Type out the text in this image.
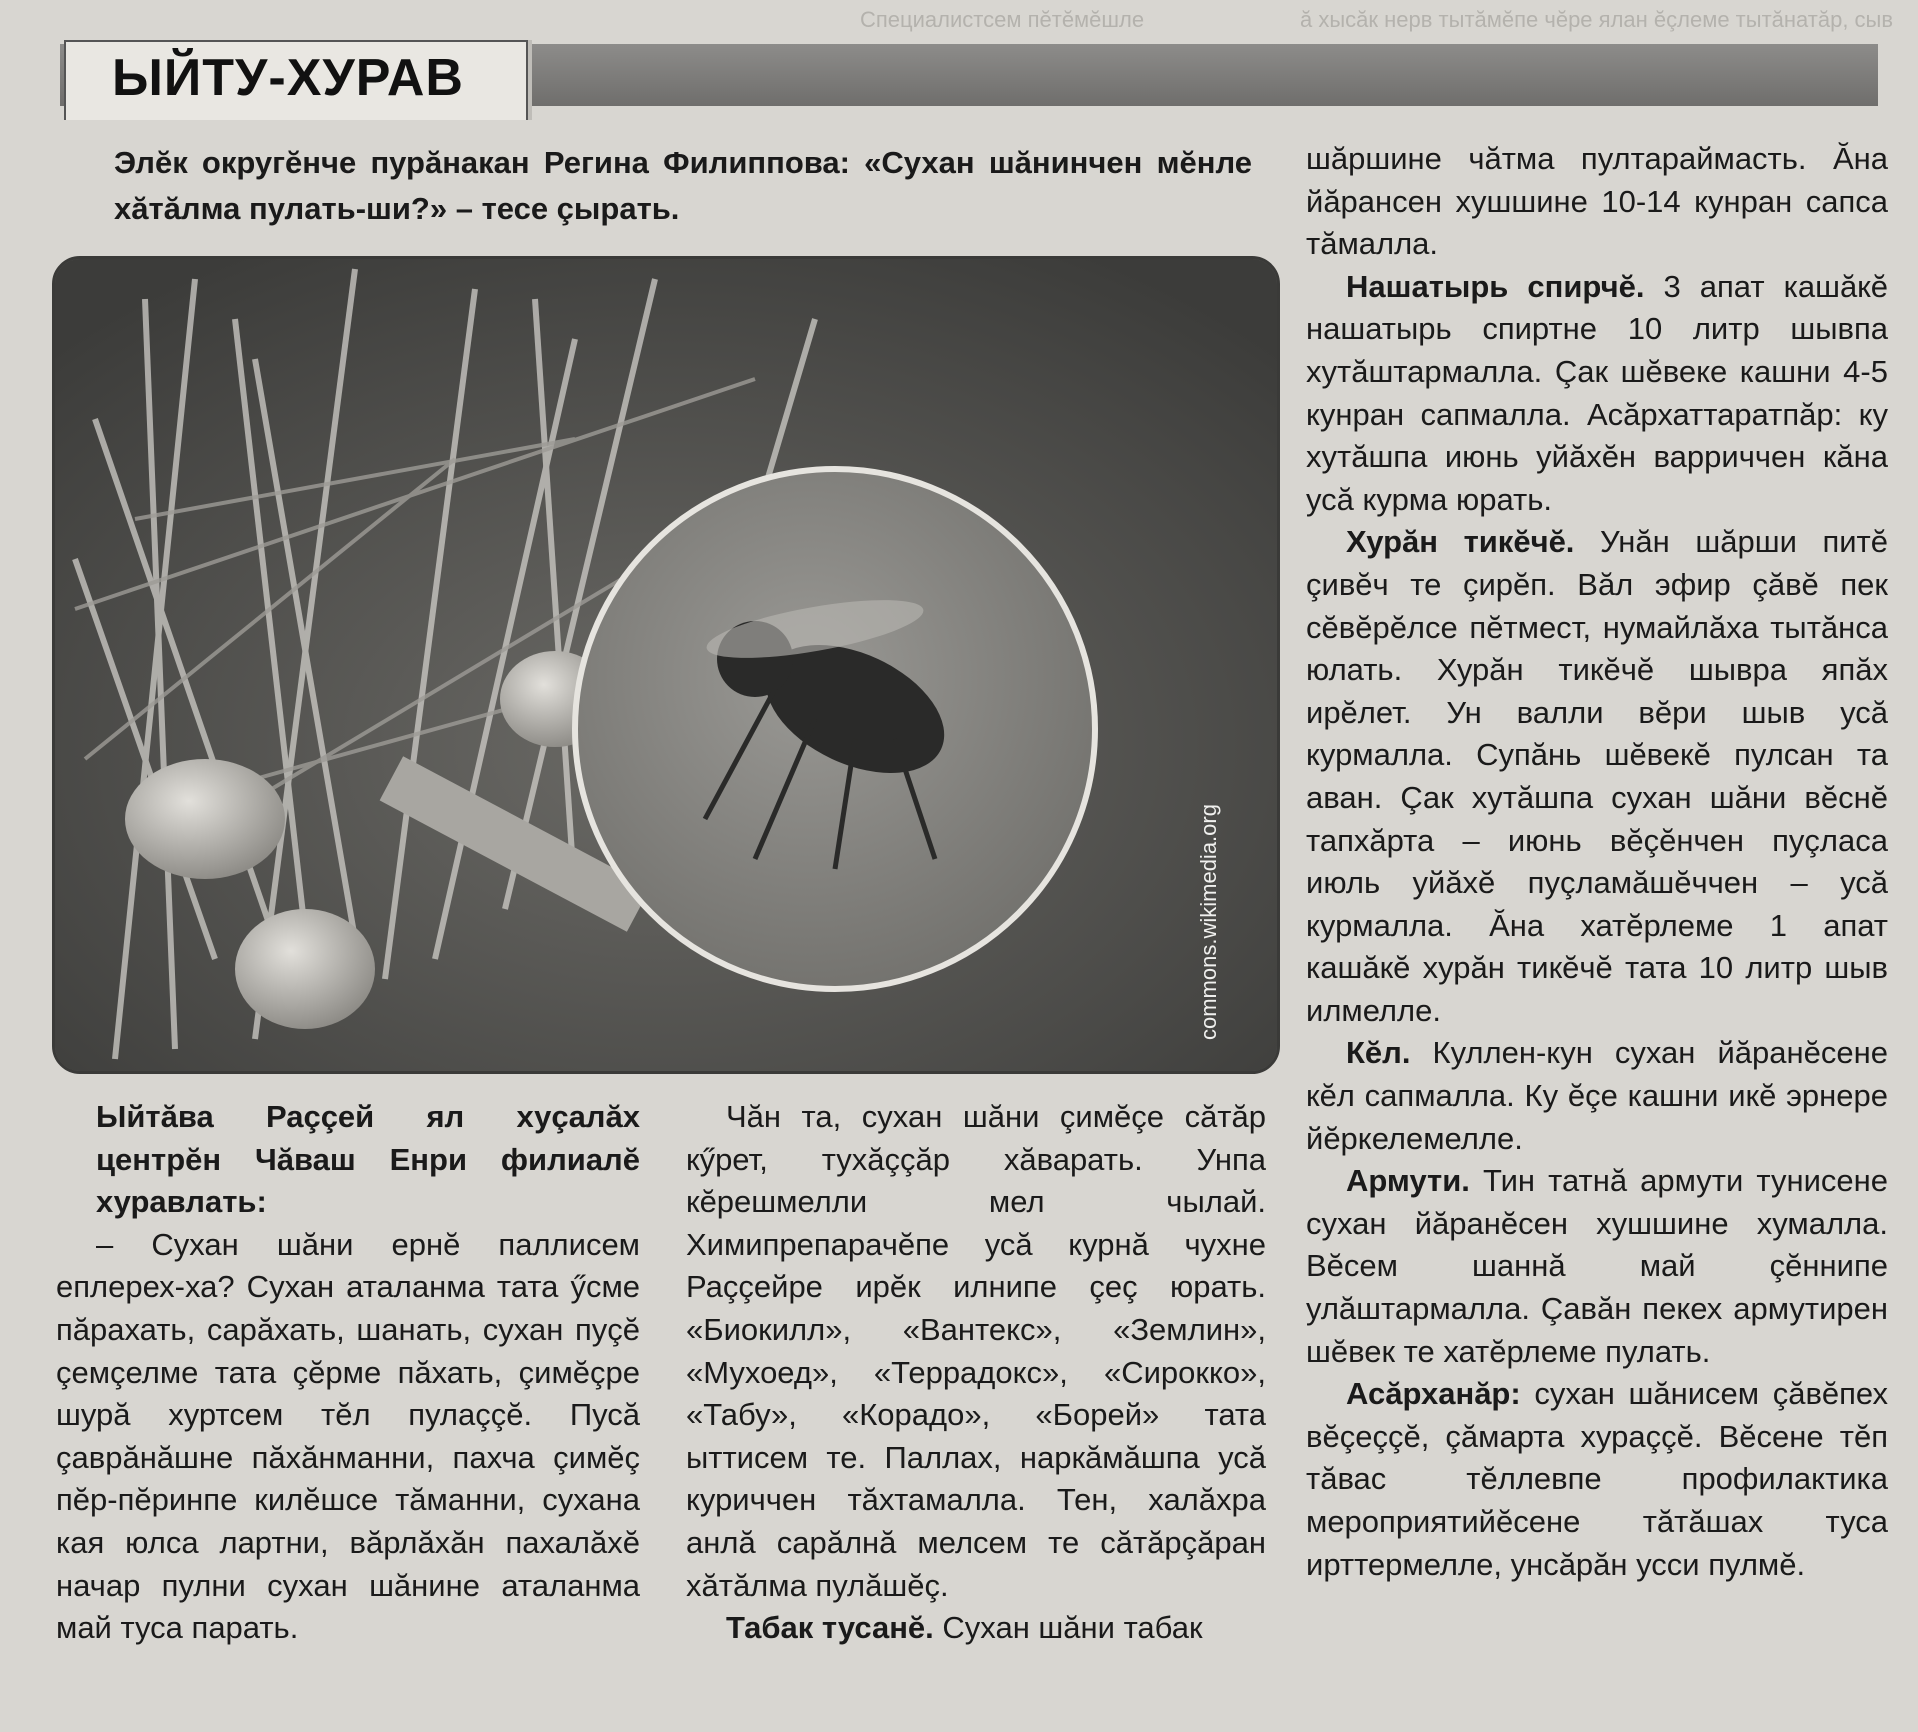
Специалистсем пĕтĕмĕшле	ă хысăк нерв тытăмĕпе чĕре ялан ĕçлеме тытăнатăр, сыв
ЫЙТУ-ХУРАВ
Элĕк округĕнче пурăнакан Регина Филиппова: «Сухан шăнинчен мĕнле хăтăлма пулать-ши?» – тесе çырать.
commons.wikimedia.org

Ыйтăва Раççей ял хуçалăх центрĕн Чăваш Енри филиалĕ хуравлать:

– Сухан шăни ернĕ паллисем еплерех-ха? Сухан аталанма тата ӳсме пăрахать, сарăхать, шанать, сухан пуçĕ çемçелме тата çĕрме пăхать, çимĕçре шурă хуртсем тĕл пулаççĕ. Пусă çаврăнăшне пăхăнманни, пахча çимĕç пĕр-пĕринпе килĕшсе тăманни, сухана кая юлса лартни, вăрлăхăн пахалăхĕ начар пулни сухан шăнине аталанма май туса парать.

Чăн та, сухан шăни çимĕçе сăтăр кӳрет, тухăççăр хăварать. Унпа кĕрешмелли мел чылай. Химипрепарачĕпе усă курнă чухне Раççейре ирĕк илнипе çеç юрать. «Биокилл», «Вантекс», «Землин», «Мухоед», «Террадокс», «Сирокко», «Табу», «Корадо», «Борей» тата ыттисем те. Паллах, наркăмăшпа усă куриччен тăхтамалла. Тен, халăхра анлă сарăлнă мелсем те сăтăрçăран хăтăлма пулăшĕç.

Табак тусанĕ. Сухан шăни табак

шăршине чăтма пултараймасть. Ăна йăрансен хушшине 10-14 кунран сапса тăмалла.

Нашатырь спирчĕ. 3 апат кашăкĕ нашатырь спиртне 10 литр шывпа хутăштармалла. Çак шĕвеке кашни 4-5 кунран сапмалла. Асăрхаттаратпăр: ку хутăшпа июнь уйăхĕн варриччен кăна усă курма юрать.

Хурăн тикĕчĕ. Унăн шăрши питĕ çивĕч те çирĕп. Вăл эфир çăвĕ пек сĕвĕрĕлсе пĕтмест, нумайлăха тытăнса юлать. Хурăн тикĕчĕ шывра япăх ирĕлет. Ун валли вĕри шыв усă курмалла. Супăнь шĕвекĕ пулсан та аван. Çак хутăшпа сухан шăни вĕснĕ тапхăрта – июнь вĕçĕнчен пуçласа июль уйăхĕ пуçламăшĕччен – усă курмалла. Ăна хатĕрлеме 1 апат кашăкĕ хурăн тикĕчĕ тата 10 литр шыв илмелле.

Кĕл. Куллен-кун сухан йăранĕсене кĕл сапмалла. Ку ĕçе кашни икĕ эрнере йĕркелемелле.

Армути. Тин татнă армути тунисене сухан йăранĕсен хушшине хумалла. Вĕсем шаннă май çĕннипе улăштармалла. Çавăн пекех армутирен шĕвек те хатĕрлеме пулать.

Асăрханăр: сухан шăнисем çăвĕпех вĕçеççĕ, çăмарта хураççĕ. Вĕсене тĕп тăвас тĕллевпе профилактика мероприятийĕсене тăтăшах туса ирттермелле, унсăрăн усси пулмĕ.
